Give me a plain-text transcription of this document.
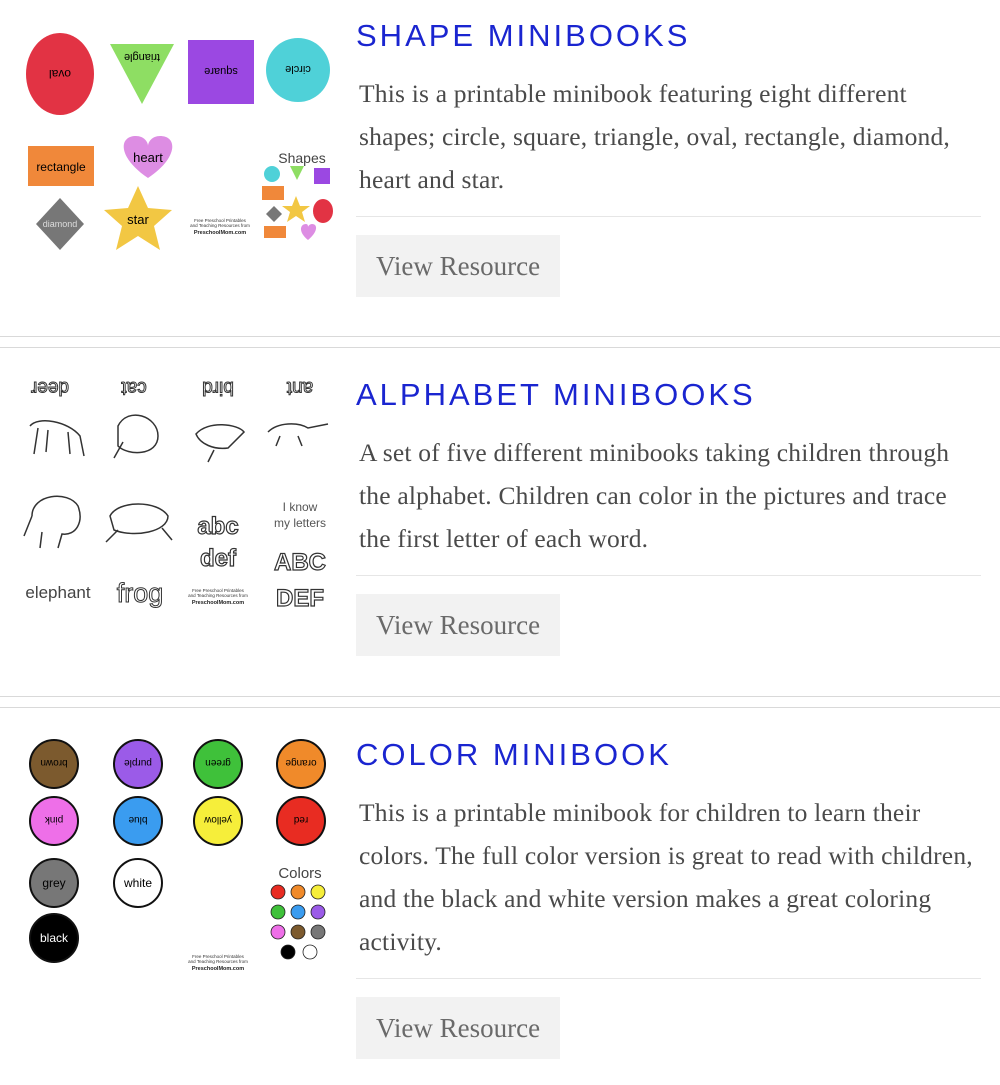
oval
triangle
square	circle
rectangle
heart
diamond	star	Free Preschool Printables
and Teaching Resources from
PreschoolMom.com
Shapes
SHAPE MINIBOOKS

This is a printable minibook featuring eight different shapes; circle, square, triangle, oval, rectangle, diamond, heart and star.

View Resource
deer	cat	bird	ant
abc
def ABC
DEF
I know
my letters
elephant frog	Free Preschool Printables
and Teaching Resources from
PreschoolMom.com
ALPHABET MINIBOOKS

A set of five different minibooks taking children through the alphabet. Children can color in the pictures and trace the first letter of each word.

View Resource
brown	purple	green	orange
pink	blue	yellow	red
grey	white
black
Free Preschool Printables
and Teaching Resources from
PreschoolMom.com
Colors
COLOR MINIBOOK

This is a printable minibook for children to learn their colors. The full color version is great to read with children, and the black and white version makes a great coloring activity.

View Resource
